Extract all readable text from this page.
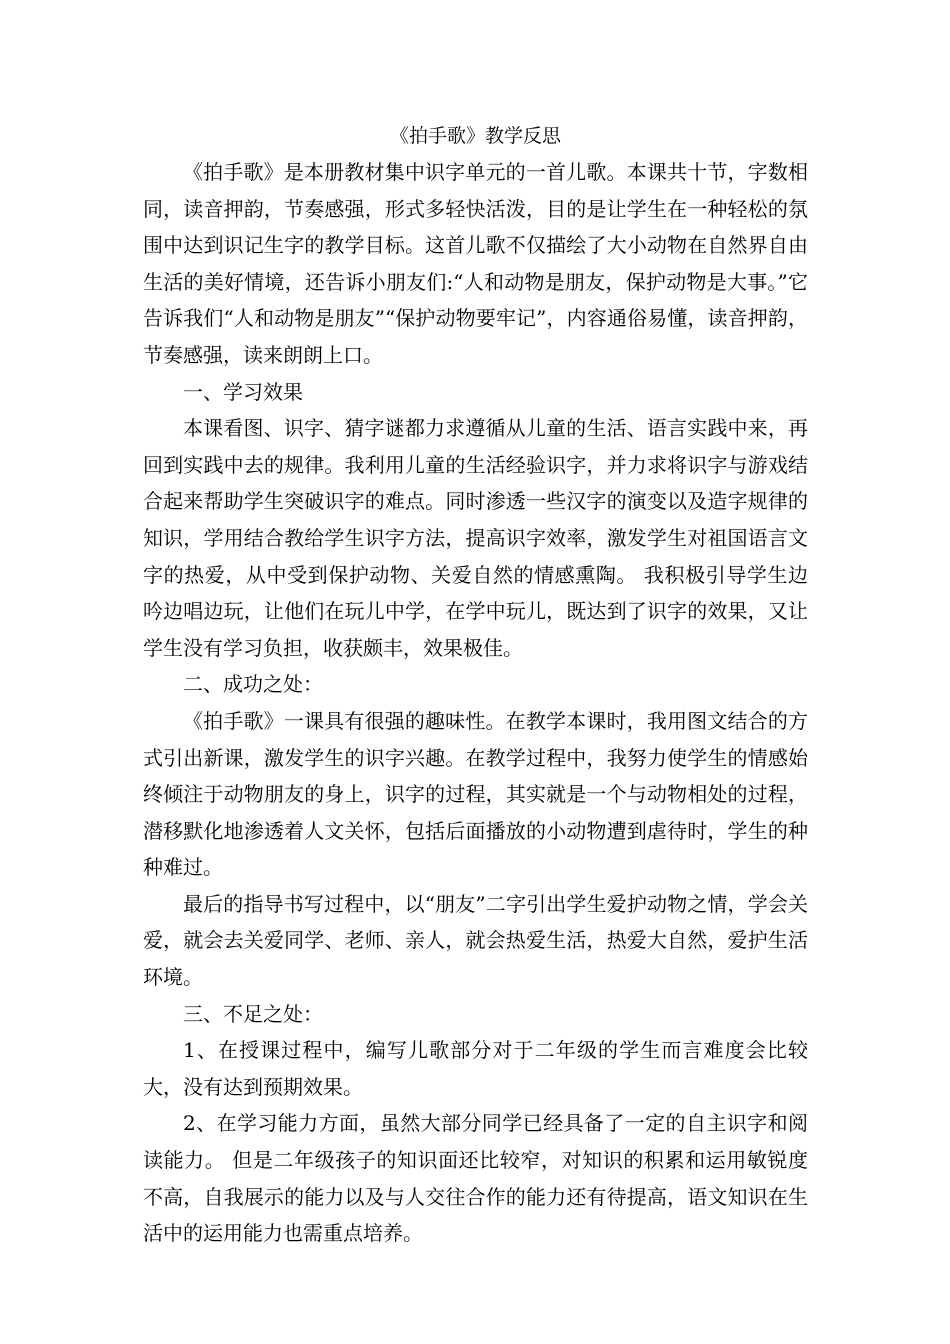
《拍手歌》教学反思

《拍手歌》是本册教材集中识字单元的一首儿歌。本课共十节，字数相同，读音押韵，节奏感强，形式多轻快活泼，目的是让学生在一种轻松的氛围中达到识记生字的教学目标。这首儿歌不仅描绘了大小动物在自然界自由生活的美好情境，还告诉小朋友们:“人和动物是朋友，保护动物是大事。”它告诉我们“人和动物是朋友”“保护动物要牢记”，内容通俗易懂，读音押韵，节奏感强，读来朗朗上口。

一、学习效果

本课看图、识字、猜字谜都力求遵循从儿童的生活、语言实践中来，再回到实践中去的规律。我利用儿童的生活经验识字，并力求将识字与游戏结合起来帮助学生突破识字的难点。同时渗透一些汉字的演变以及造字规律的知识，学用结合教给学生识字方法，提高识字效率，激发学生对祖国语言文字的热爱，从中受到保护动物、关爱自然的情感熏陶。 我积极引导学生边吟边唱边玩，让他们在玩儿中学，在学中玩儿，既达到了识字的效果，又让学生没有学习负担，收获颇丰，效果极佳。

二、成功之处：

《拍手歌》一课具有很强的趣味性。在教学本课时，我用图文结合的方式引出新课，激发学生的识字兴趣。在教学过程中，我努力使学生的情感始终倾注于动物朋友的身上，识字的过程，其实就是一个与动物相处的过程，潜移默化地渗透着人文关怀，包括后面播放的小动物遭到虐待时，学生的种种难过。

最后的指导书写过程中，以“朋友”二字引出学生爱护动物之情，学会关爱，就会去关爱同学、老师、亲人，就会热爱生活，热爱大自然，爱护生活环境。

三、不足之处：

1、在授课过程中，编写儿歌部分对于二年级的学生而言难度会比较大，没有达到预期效果。

2、在学习能力方面，虽然大部分同学已经具备了一定的自主识字和阅读能力。 但是二年级孩子的知识面还比较窄，对知识的积累和运用敏锐度不高，自我展示的能力以及与人交往合作的能力还有待提高，语文知识在生活中的运用能力也需重点培养。
